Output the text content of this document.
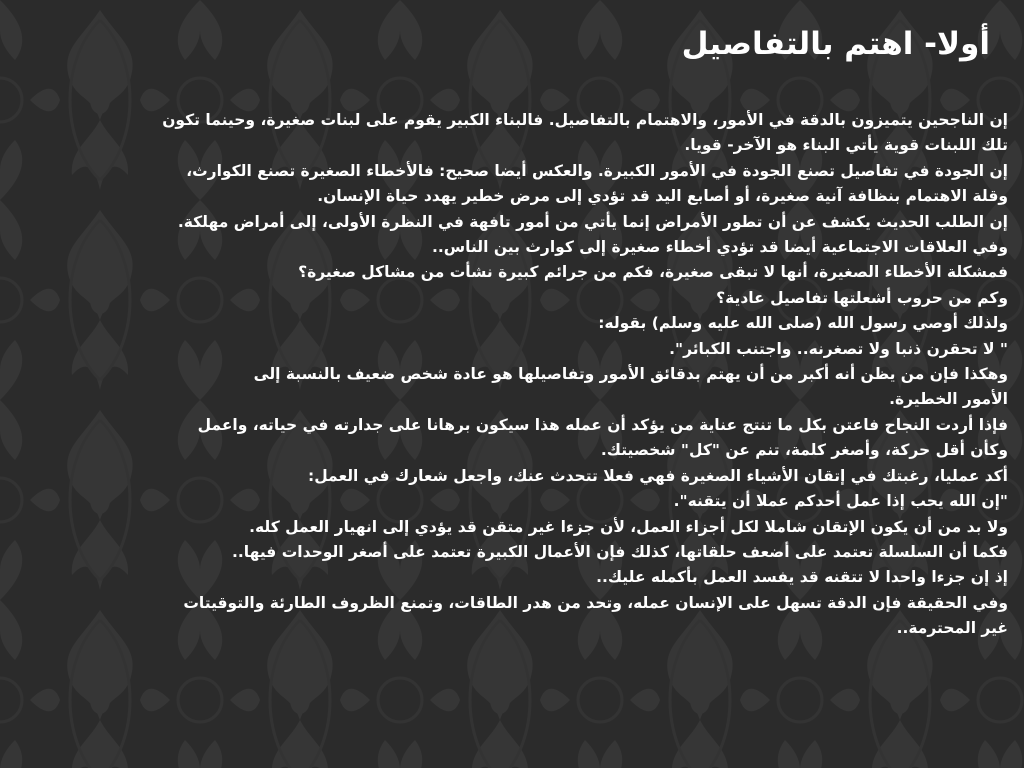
أولا- اهتم بالتفاصيل

إن الناجحين يتميزون بالدقة في الأمور، والاهتمام بالتفاصيل. فالبناء الكبير يقوم على لبنات صغيرة، وحينما تكون

تلك اللبنات قوية يأتي البناء هو الآخر- قويا.

إن الجودة في تفاصيل تصنع الجودة في الأمور الكبيرة. والعكس أيضا صحيح: فالأخطاء الصغيرة تصنع الكوارث،

وقلة الاهتمام بنظافة آنية صغيرة، أو أصابع اليد قد تؤدي إلى مرض خطير يهدد حياة الإنسان.

إن الطلب الحديث يكشف عن أن تطور الأمراض إنما يأتي من أمور تافهة في النظرة الأولى، إلى أمراض مهلكة.

وفي العلاقات الاجتماعية أيضا قد تؤدي أخطاء صغيرة إلى كوارث بين الناس..

فمشكلة الأخطاء الصغيرة، أنها لا تبقى صغيرة، فكم من جرائم كبيرة نشأت من مشاكل صغيرة؟

وكم من حروب أشعلتها تفاصيل عادية؟

ولذلك أوصي رسول الله (صلى الله عليه وسلم) بقوله:

" لا تحقرن ذنبا ولا تصغرنه.. واجتنب الكبائر".

وهكذا فإن من يظن أنه أكبر من أن يهتم بدقائق الأمور وتفاصيلها هو عادة شخص ضعيف بالنسبة إلى

الأمور الخطيرة.

فإذا أردت النجاح فاعتن بكل ما تنتج عناية من يؤكد أن عمله هذا سيكون برهانا على جدارته في حياته، واعمل

وكأن أقل حركة، وأصغر كلمة، تنم عن "كل" شخصيتك.

أكد عمليا، رغبتك في إتقان الأشياء الصغيرة فهي فعلا تتحدث عنك، واجعل شعارك في العمل:

"إن الله يحب إذا عمل أحدكم عملا أن يتقنه".

ولا بد من أن يكون الإتقان شاملا لكل أجزاء العمل، لأن جزءا غير متقن قد يؤدي إلى انهيار العمل كله.

فكما أن السلسلة تعتمد على أضعف حلقاتها، كذلك فإن الأعمال الكبيرة تعتمد على أصغر الوحدات فيها..

إذ إن جزءا واحدا لا تتقنه قد يفسد العمل بأكمله عليك..

وفي الحقيقة فإن الدقة تسهل على الإنسان عمله، وتحد من هدر الطاقات، وتمنع الظروف الطارئة والتوقيتات

غير المحترمة..
